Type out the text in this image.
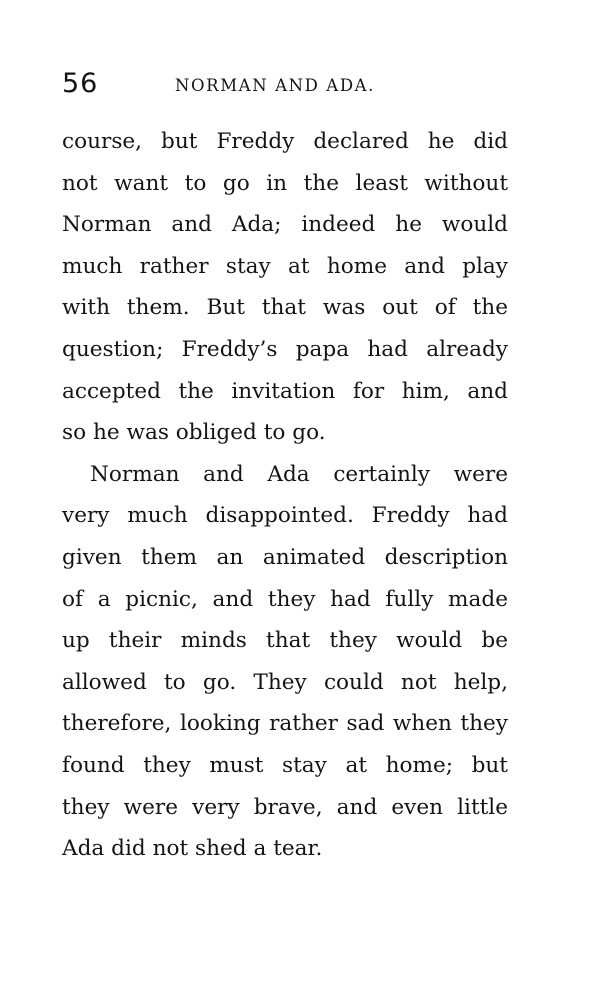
56	NORMAN AND ADA.
course, but Freddy declared he did
not want to go in the least without
Norman and Ada; indeed he would
much rather stay at home and play
with them. But that was out of the
question; Freddy’s papa had already
accepted the invitation for him, and
so he was obliged to go.
Norman and Ada certainly were
very much disappointed. Freddy had
given them an animated description
of a picnic, and they had fully made
up their minds that they would be
allowed to go. They could not help,
therefore, looking rather sad when they
found they must stay at home; but
they were very brave, and even little
Ada did not shed a tear.
